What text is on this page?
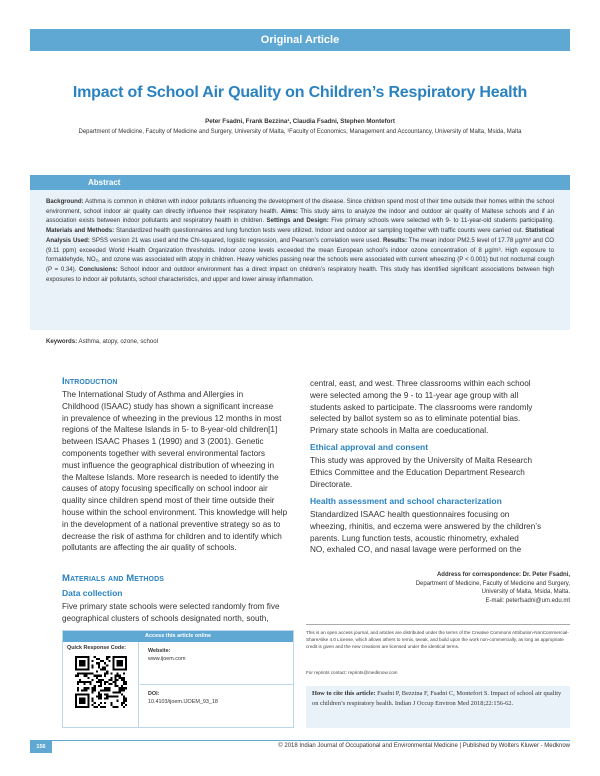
Original Article
Impact of School Air Quality on Children’s Respiratory Health
Peter Fsadni, Frank Bezzina¹, Claudia Fsadni, Stephen Montefort
Department of Medicine, Faculty of Medicine and Surgery, University of Malta, ¹Faculty of Economics, Management and Accountancy, University of Malta, Msida, Malta
Abstract
Background: Asthma is common in children with indoor pollutants influencing the development of the disease. Since children spend most of their time outside their homes within the school environment, school indoor air quality can directly influence their respiratory health. Aims: This study aims to analyze the indoor and outdoor air quality of Maltese schools and if an association exists between indoor pollutants and respiratory health in children. Settings and Design: Five primary schools were selected with 9- to 11-year-old students participating. Materials and Methods: Standardized health questionnaires and lung function tests were utilized. Indoor and outdoor air sampling together with traffic counts were carried out. Statistical Analysis Used: SPSS version 21 was used and the Chi-squared, logistic regression, and Pearson’s correlation were used. Results: The mean indoor PM2.5 level of 17.78 μg/m³ and CO (9.11 ppm) exceeded World Health Organization thresholds. Indoor ozone levels exceeded the mean European school’s indoor ozone concentration of 8 μg/m³. High exposure to formaldehyde, NO₂, and ozone was associated with atopy in children. Heavy vehicles passing near the schools were associated with current wheezing (P < 0.001) but not nocturnal cough (P = 0.34). Conclusions: School indoor and outdoor environment has a direct impact on children’s respiratory health. This study has identified significant associations between high exposures to indoor air pollutants, school characteristics, and upper and lower airway inflammation.
Keywords: Asthma, atopy, ozone, school
Introduction
The International Study of Asthma and Allergies in
Childhood (ISAAC) study has shown a significant increase
in prevalence of wheezing in the previous 12 months in most
regions of the Maltese Islands in 5- to 8-year-old children[1]
between ISAAC Phases 1 (1990) and 3 (2001). Genetic
components together with several environmental factors
must influence the geographical distribution of wheezing in
the Maltese Islands. More research is needed to identify the
causes of atopy focusing specifically on school indoor air
quality since children spend most of their time outside their
house within the school environment. This knowledge will help
in the development of a national preventive strategy so as to
decrease the risk of asthma for children and to identify which
pollutants are affecting the air quality of schools.
Materials and Methods
Data collection
Five primary state schools were selected randomly from five
geographical clusters of schools designated north, south,
central, east, and west. Three classrooms within each school
were selected among the 9 - to 11-year age group with all
students asked to participate. The classrooms were randomly
selected by ballot system so as to eliminate potential bias.
Primary state schools in Malta are coeducational.
Ethical approval and consent
This study was approved by the University of Malta Research
Ethics Committee and the Education Department Research
Directorate.
Health assessment and school characterization
Standardized ISAAC health questionnaires focusing on
wheezing, rhinitis, and eczema were answered by the children’s
parents. Lung function tests, acoustic rhinometry, exhaled
NO, exhaled CO, and nasal lavage were performed on the
Access this article online
Quick Response Code:	Website:
www.ijoem.com
DOI:
10.4103/ijoem.IJOEM_93_18
Address for correspondence: Dr. Peter Fsadni,
Department of Medicine, Faculty of Medicine and Surgery,
University of Malta, Msida, Malta.
E-mail: peterfsadni@um.edu.mt
This is an open access journal, and articles are distributed under the terms of the Creative Commons Attribution-NonCommercial-ShareAlike 4.0 License, which allows others to remix, tweak, and build upon the work non-commercially, as long as appropriate credit is given and the new creations are licensed under the identical terms.
For reprints contact: reprints@medknow.com
How to cite this article: Fsadni P, Bezzina F, Fsadni C, Montefort S. Impact of school air quality on children’s respiratory health. Indian J Occup Environ Med 2018;22:156-62.
156	© 2018 Indian Journal of Occupational and Environmental Medicine | Published by Wolters Kluwer - Medknow
